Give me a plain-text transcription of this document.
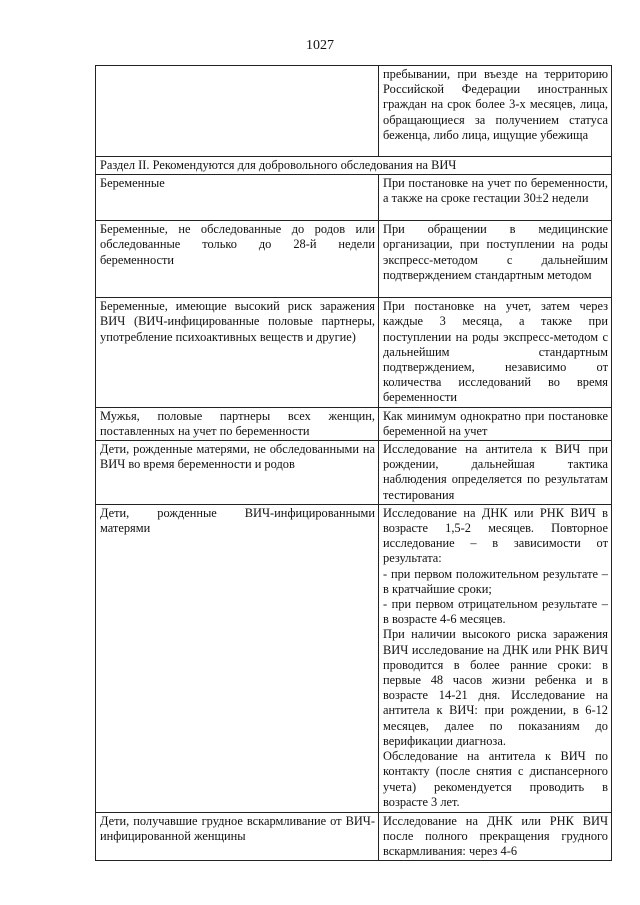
1027
	пребывании, при въезде на территорию Российской Федерации иностранных граждан на срок более 3-х месяцев, лица, обращающиеся за получением статуса беженца, либо лица, ищущие убежища
Раздел II. Рекомендуются для добровольного обследования на ВИЧ	
Беременные	При постановке на учет по беременности, а также на сроке гестации 30±2 недели
Беременные, не обследованные до родов или обследованные только до 28-й недели беременности	При обращении в медицинские организации, при поступлении на роды экспресс-методом с дальнейшим подтверждением стандартным методом
Беременные, имеющие высокий риск заражения ВИЧ (ВИЧ-инфицированные половые партнеры, употребление психоактивных веществ и другие)	При постановке на учет, затем через каждые 3 месяца, а также при поступлении на роды экспресс-методом с дальнейшим стандартным подтверждением, независимо от количества исследований во время беременности
Мужья, половые партнеры всех женщин, поставленных на учет по беременности	Как минимум однократно при постановке беременной на учет
Дети, рожденные матерями, не обследованными на ВИЧ во время беременности и родов	Исследование на антитела к ВИЧ при рождении, дальнейшая тактика наблюдения определяется по результатам тестирования
Дети, рожденные ВИЧ-инфицированными матерями	Исследование на ДНК или РНК ВИЧ в возрасте 1,5-2 месяцев. Повторное исследование – в зависимости от результата:
- при первом положительном результате – в кратчайшие сроки;
- при первом отрицательном результате – в возрасте 4-6 месяцев.
При наличии высокого риска заражения ВИЧ исследование на ДНК или РНК ВИЧ проводится в более ранние сроки: в первые 48 часов жизни ребенка и в возрасте 14-21 дня. Исследование на антитела к ВИЧ: при рождении, в 6-12 месяцев, далее по показаниям до верификации диагноза.
Обследование на антитела к ВИЧ по контакту (после снятия с диспансерного учета) рекомендуется проводить в возрасте 3 лет.

Дети, получавшие грудное вскармливание от ВИЧ-инфицированной женщины	Исследование на ДНК или РНК ВИЧ после полного прекращения грудного вскармливания: через 4-6
